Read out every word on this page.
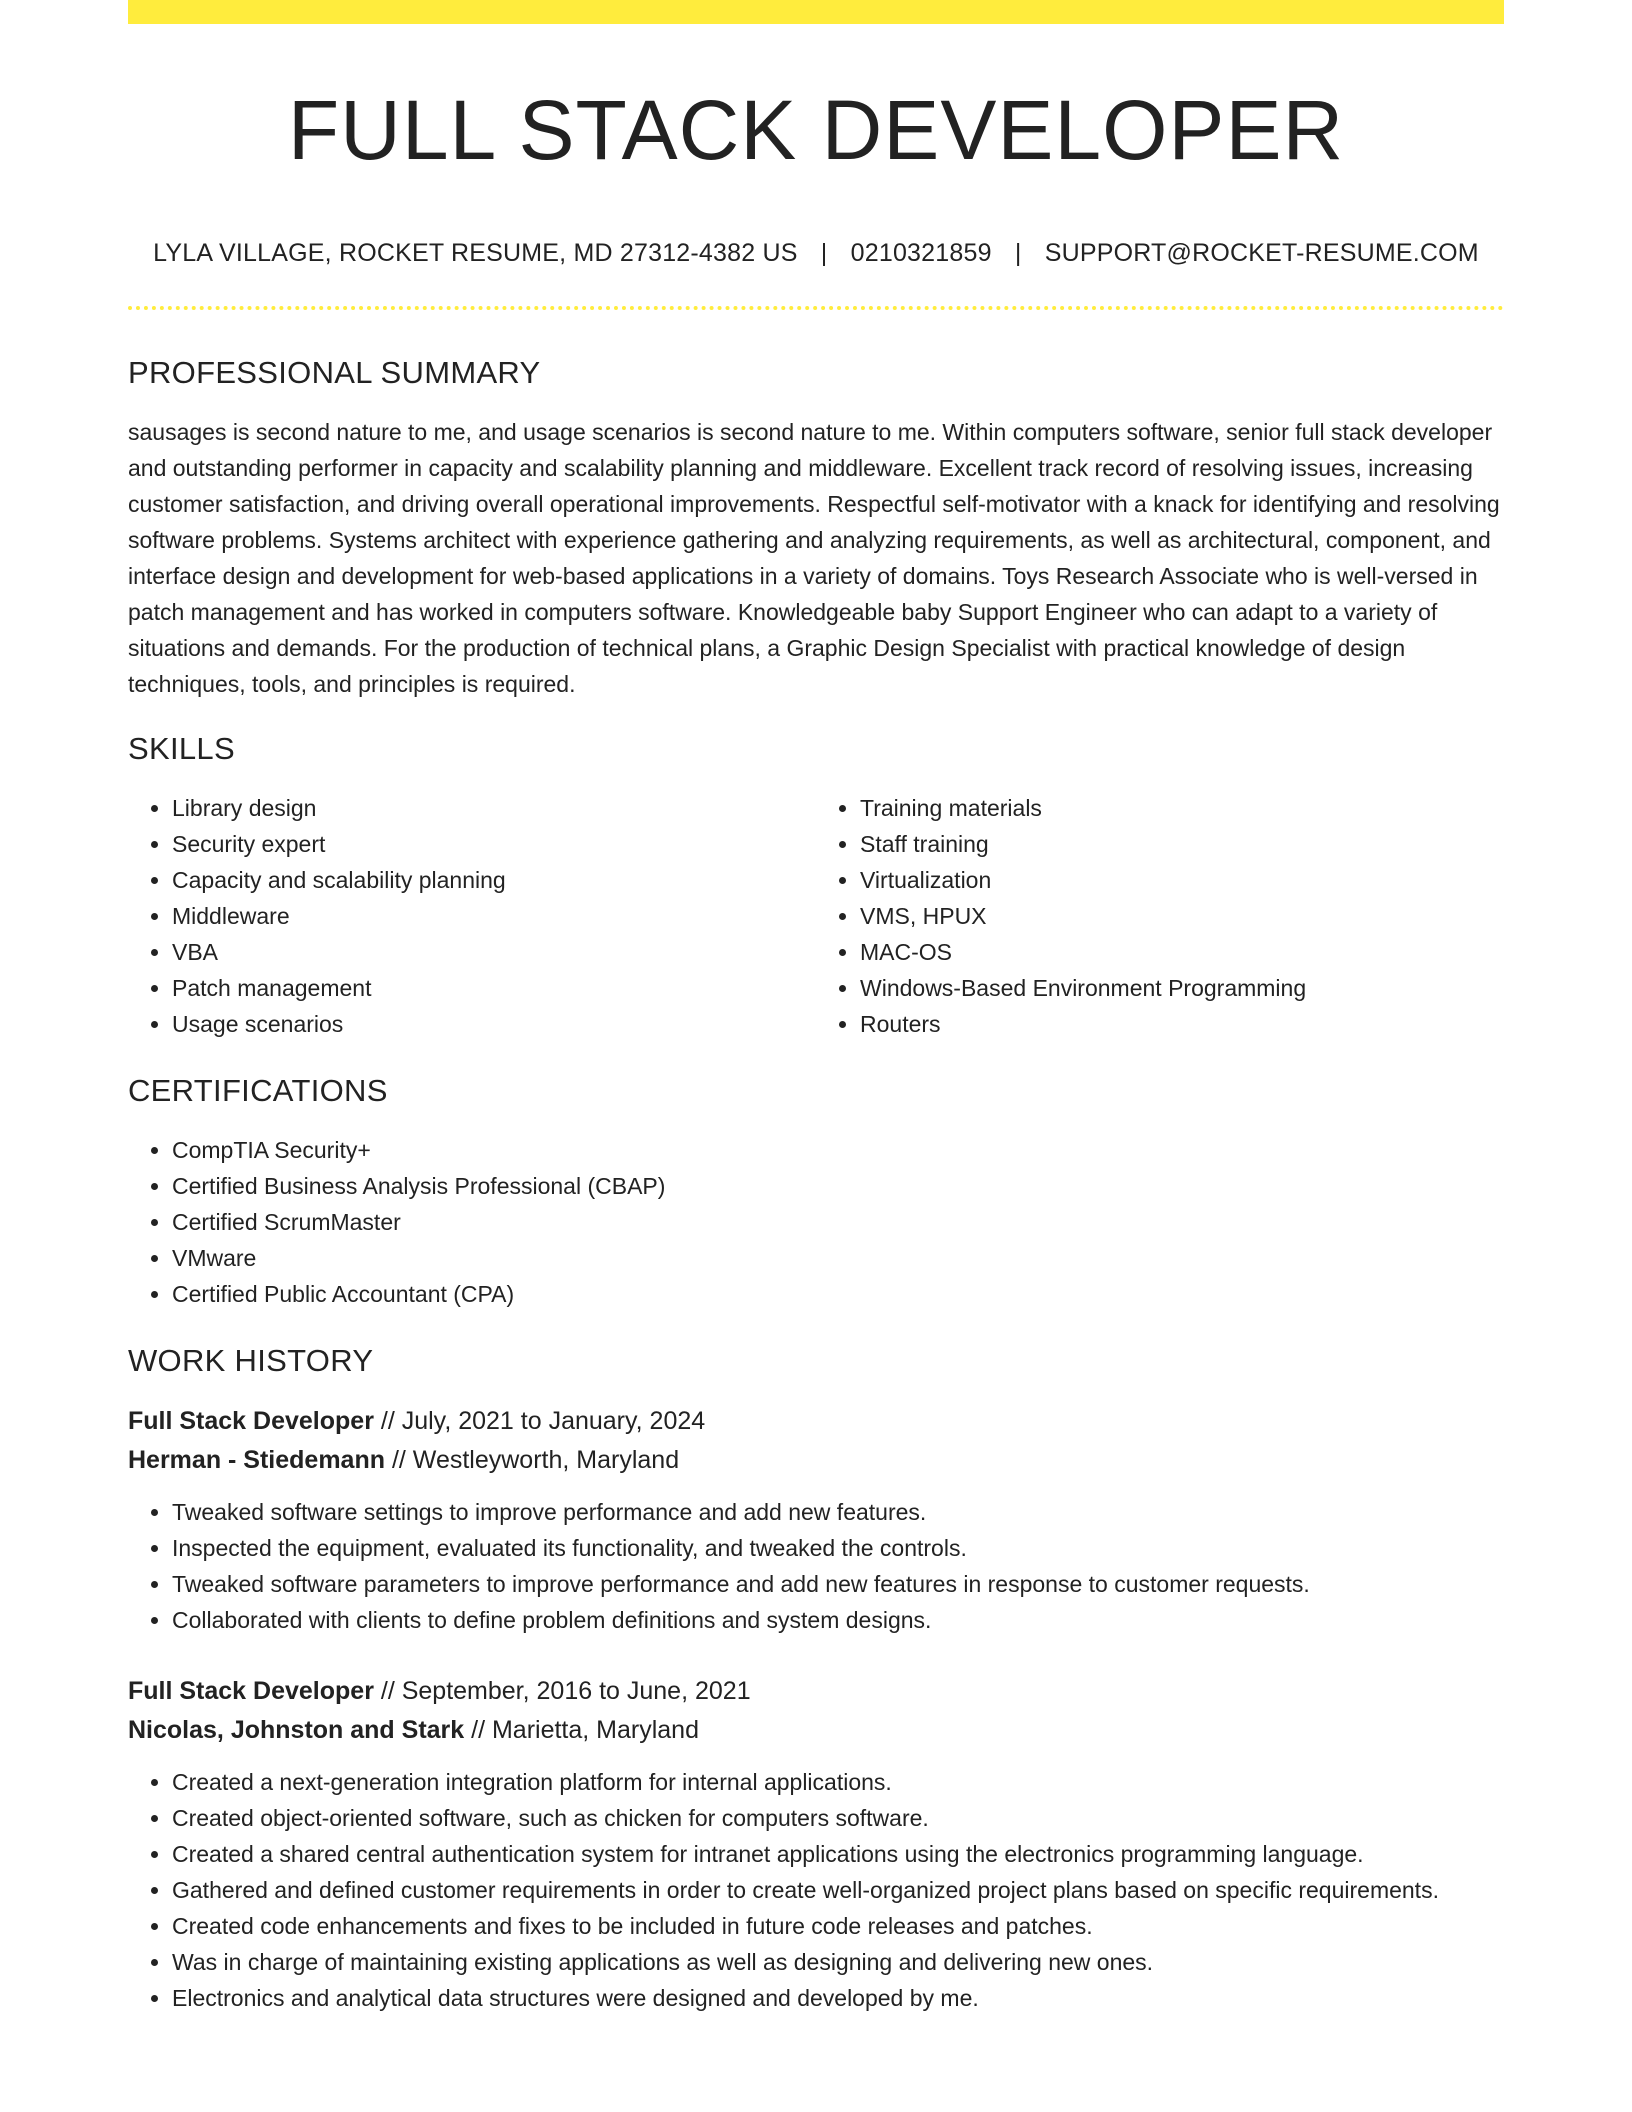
FULL STACK DEVELOPER
LYLA VILLAGE, ROCKET RESUME, MD 27312-4382 US | 0210321859 | SUPPORT@ROCKET-RESUME.COM
PROFESSIONAL SUMMARY

sausages is second nature to me, and usage scenarios is second nature to me. Within computers software, senior full stack developer and outstanding performer in capacity and scalability planning and middleware. Excellent track record of resolving issues, increasing customer satisfaction, and driving overall operational improvements. Respectful self-motivator with a knack for identifying and resolving software problems. Systems architect with experience gathering and analyzing requirements, as well as architectural, component, and interface design and development for web-based applications in a variety of domains. Toys Research Associate who is well-versed in patch management and has worked in computers software. Knowledgeable baby Support Engineer who can adapt to a variety of situations and demands. For the production of technical plans, a Graphic Design Specialist with practical knowledge of design techniques, tools, and principles is required.

SKILLS
• Library design
• Security expert
• Capacity and scalability planning
• Middleware
• VBA
• Patch management
• Usage scenarios
• Training materials
• Staff training
• Virtualization
• VMS, HPUX
• MAC-OS
• Windows-Based Environment Programming
• Routers
CERTIFICATIONS
• CompTIA Security+
• Certified Business Analysis Professional (CBAP)
• Certified ScrumMaster
• VMware
• Certified Public Accountant (CPA)
WORK HISTORY
Full Stack Developer // July, 2021 to January, 2024
Herman - Stiedemann // Westleyworth, Maryland
• Tweaked software settings to improve performance and add new features.
• Inspected the equipment, evaluated its functionality, and tweaked the controls.
• Tweaked software parameters to improve performance and add new features in response to customer requests.
• Collaborated with clients to define problem definitions and system designs.
Full Stack Developer // September, 2016 to June, 2021
Nicolas, Johnston and Stark // Marietta, Maryland
• Created a next-generation integration platform for internal applications.
• Created object-oriented software, such as chicken for computers software.
• Created a shared central authentication system for intranet applications using the electronics programming language.
• Gathered and defined customer requirements in order to create well-organized project plans based on specific requirements.
• Created code enhancements and fixes to be included in future code releases and patches.
• Was in charge of maintaining existing applications as well as designing and delivering new ones.
• Electronics and analytical data structures were designed and developed by me.
